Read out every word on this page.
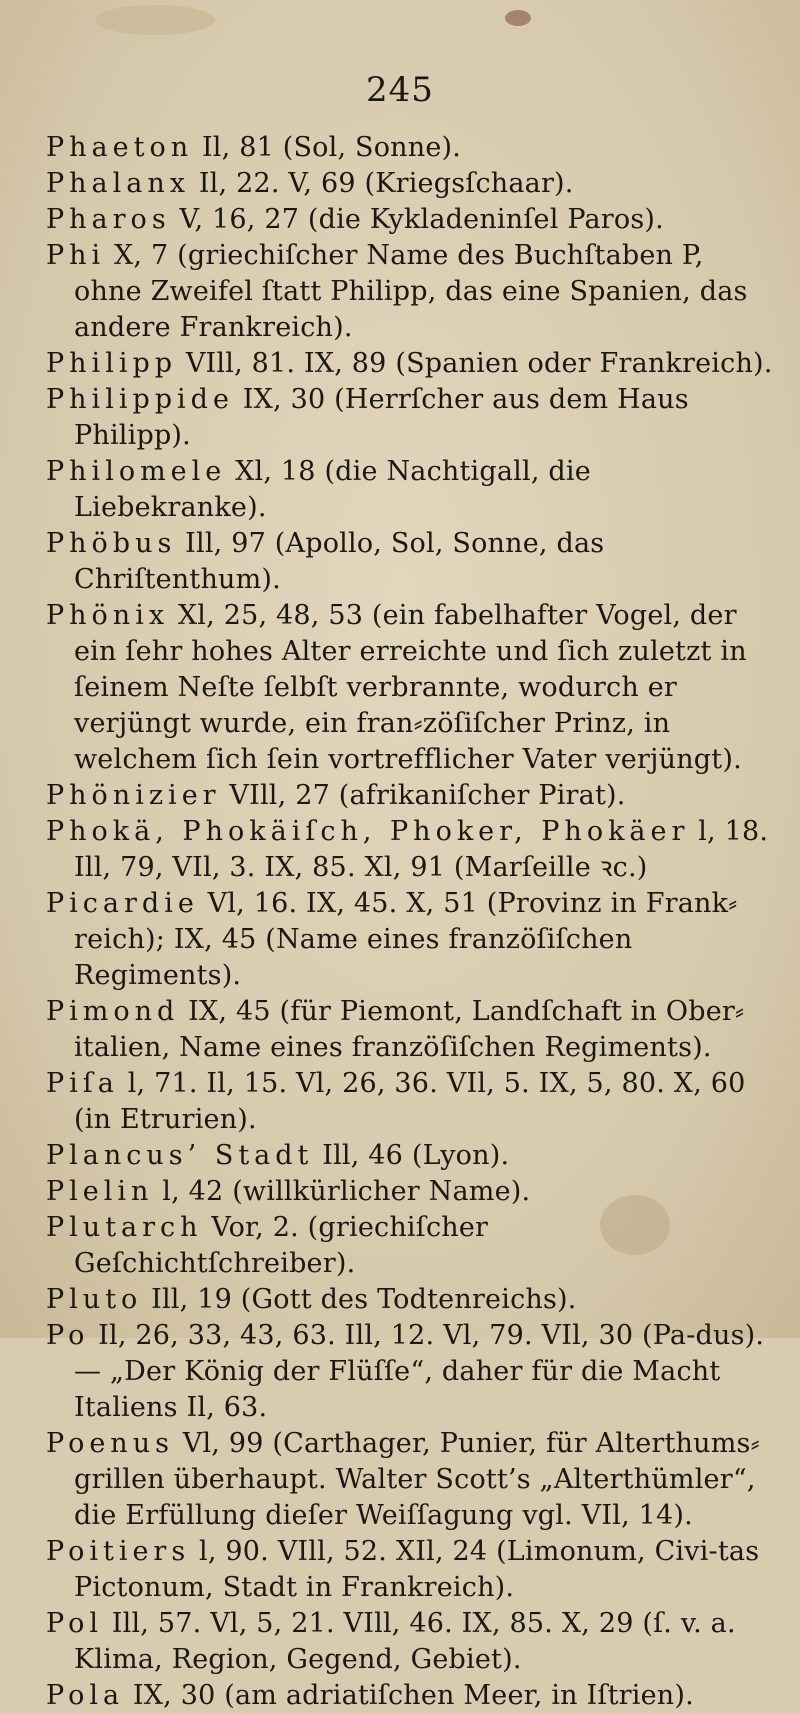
245
Phaeton Il, 81 (Sol, Sonne).
Phalanx Il, 22. V, 69 (Kriegsſchaar).
Pharos V, 16, 27 (die Kykladeninſel Paros).
Phi X, 7 (griechiſcher Name des Buchſtaben P, ohne Zweifel ſtatt Philipp, das eine Spanien, das andere Frankreich).
Philipp VIll, 81. IX, 89 (Spanien oder Frankreich).
Philippide IX, 30 (Herrſcher aus dem Haus Philipp).
Philomele Xl, 18 (die Nachtigall, die Liebekranke).
Phöbus Ill, 97 (Apollo, Sol, Sonne, das Chriſtenthum).
Phönix Xl, 25, 48, 53 (ein fabelhafter Vogel, der ein ſehr hohes Alter erreichte und ſich zuletzt in ſeinem Neſte ſelbſt verbrannte, wodurch er verjüngt wurde, ein fran⸗zöſiſcher Prinz, in welchem ſich ſein vortrefflicher Vater verjüngt).
Phönizier VIll, 27 (afrikaniſcher Pirat).
Phokä, Phokäiſch, Phoker, Phokäer l, 18. Ill, 79, VIl, 3. IX, 85. Xl, 91 (Marſeille ꝛc.)
Picardie Vl, 16. IX, 45. X, 51 (Provinz in Frank⸗reich); IX, 45 (Name eines franzöſiſchen Regiments).
Pimond IX, 45 (für Piemont, Landſchaft in Ober⸗italien, Name eines franzöſiſchen Regiments).
Piſa l, 71. Il, 15. Vl, 26, 36. VIl, 5. IX, 5, 80. X, 60 (in Etrurien).
Plancus’ Stadt Ill, 46 (Lyon).
Plelin l, 42 (willkürlicher Name).
Plutarch Vor, 2. (griechiſcher Geſchichtſchreiber).
Pluto Ill, 19 (Gott des Todtenreichs).
Po Il, 26, 33, 43, 63. Ill, 12. Vl, 79. VIl, 30 (Pa-dus). — „Der König der Flüſſe“, daher für die Macht Italiens Il, 63.
Poenus Vl, 99 (Carthager, Punier, für Alterthums⸗grillen überhaupt. Walter Scott’s „Alterthümler“, die Erfüllung dieſer Weiſſagung vgl. VIl, 14).
Poitiers l, 90. VIll, 52. XIl, 24 (Limonum, Civi-tas Pictonum, Stadt in Frankreich).
Pol Ill, 57. Vl, 5, 21. VIll, 46. IX, 85. X, 29 (ſ. v. a. Klima, Region, Gegend, Gebiet).
Pola IX, 30 (am adriatiſchen Meer, in Iſtrien).
